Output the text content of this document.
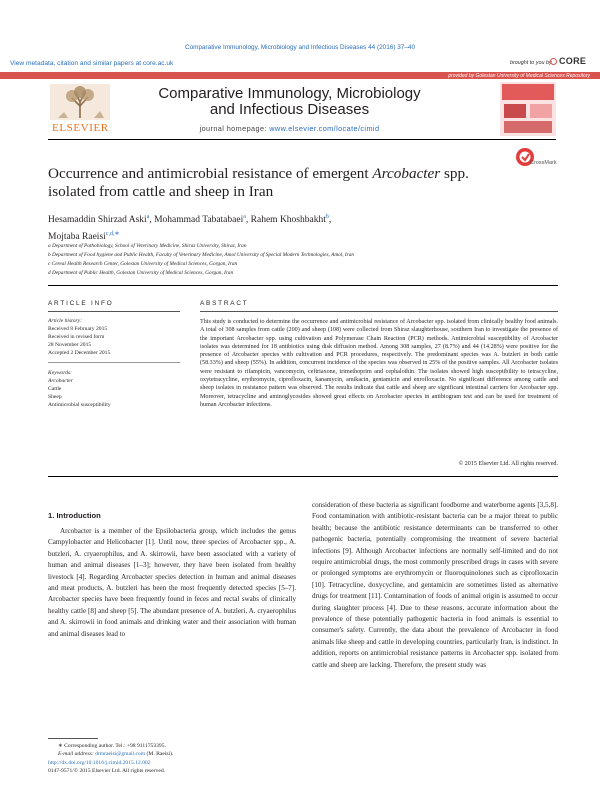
Comparative Immunology, Microbiology and Infectious Diseases 44 (2016) 37–40
View metadata, citation and similar papers at core.ac.uk	brought to you by CORE
provided by Golestan University of Medical Sciences Repository
ELSEVIER
Comparative Immunology, Microbiology
and Infectious Diseases
journal homepage: www.elsevier.com/locate/cimid
Occurrence and antimicrobial resistance of emergent Arcobacter spp. isolated from cattle and sheep in Iran
CrossMark
Hesamaddin Shirzad Aski$^a$, Mohammad Tabatabaei$^a$, Rahem Khoshbakht$^b$,
Mojtaba Raeisi$^{c,d,∗}$
a Department of Pathobiology, School of Veterinary Medicine, Shiraz University, Shiraz, Iran
b Department of Food hygiene and Public Health, Faculty of Veterinary Medicine, Amol University of Special Modern Technologies, Amol, Iran
c Cereal Health Research Center, Golestan University of Medical Sciences, Gorgan, Iran
d Department of Public Health, Golestan University of Medical Sciences, Gorgan, Iran
ARTICLE INFO
Article history:
Received 8 February 2015
Received in revised form
28 November 2015
Accepted 2 December 2015
Keywords:
Arcobacter
Cattle
Sheep
Antimicrobial susceptibility
ABSTRACT
This study is conducted to determine the occurrence and antimicrobial resistance of Arcobacter spp. isolated from clinically healthy food animals. A total of 308 samples from cattle (200) and sheep (108) were collected from Shiraz slaughterhouse, southern Iran to investigate the presence of the important Arcobacter spp. using cultivation and Polymerase Chain Reaction (PCR) methods. Antimicrobial susceptibility of Arcobacter isolates was determined for 18 antibiotics using disk diffusion method. Among 308 samples, 27 (8.7%) and 44 (14.28%) were positive for the presence of Arcobacter species with cultivation and PCR procedures, respectively. The predominant species was A. butzleri in both cattle (58.33%) and sheep (55%). In addition, concurrent incidence of the species was observed in 25% of the positive samples. All Arcobacter isolates were resistant to rifampicin, vancomycin, ceftriaxone, trimethoprim and cephalothin. The isolates showed high susceptibility to tetracycline, oxytetracycline, erythromycin, ciprofloxacin, kanamycin, amikacin, gentamicin and enrofloxacin. No significant difference among cattle and sheep isolates in resistance pattern was observed. The results indicate that cattle and sheep are significant intestinal carriers for Arcobacter spp. Moreover, tetracycline and aminoglycosides showed great effects on Arcobacter species in antibiogram test and can be used for treatment of human Arcobacter infections.
© 2015 Elsevier Ltd. All rights reserved.
1. Introduction

Arcobacter is a member of the Epsilobacteria group, which includes the genus Campylobacter and Helicobacter [1]. Until now, three species of Arcobacter spp., A. butzleri, A. cryaerophilus, and A. skirrowii, have been associated with a variety of human and animal diseases [1–3]; however, they have been isolated from healthy livestock [4]. Regarding Arcobacter species detection in human and animal diseases and meat products, A. butzleri has been the most frequently detected species [5–7]. Arcobacter species have been frequently found in feces and rectal swabs of clinically healthy cattle [8] and sheep [5]. The abundant presence of A. butzleri, A. cryaerophilus and A. skirrowii in food animals and drinking water and their association with human and animal diseases lead to

consideration of these bacteria as significant foodborne and waterborne agents [3,5,8]. Food contamination with antibiotic-resistant bacteria can be a major threat to public health; because the antibiotic resistance determinants can be transferred to other pathogenic bacteria, potentially compromising the treatment of severe bacterial infections [9]. Although Arcobacter infections are normally self-limited and do not require antimicrobial drugs, the most commonly prescribed drugs in cases with severe or prolonged symptoms are erythromycin or fluoroquinolones such as ciprofloxacin [10]. Tetracycline, doxycycline, and gentamicin are sometimes listed as alternative drugs for treatment [11]. Contamination of foods of animal origin is assumed to occur during slaughter process [4]. Due to these reasons, accurate information about the prevalence of these potentially pathogenic bacteria in food animals is essential to consumer's safety. Currently, the data about the prevalence of Arcobacter in food animals like sheep and cattle in developing countries, particularly Iran, is indistinct. In addition, reports on antimicrobial resistance patterns in Arcobacter spp. isolated from cattle and sheep are lacking. Therefore, the present study was

∗ Corresponding author. Tel.: +98 9111753395.
E-mail address: drmraeisi@gmail.com (M. Raeisi).
http://dx.doi.org/10.1016/j.cimid.2015.12.002
0147-9571/© 2015 Elsevier Ltd. All rights reserved.
